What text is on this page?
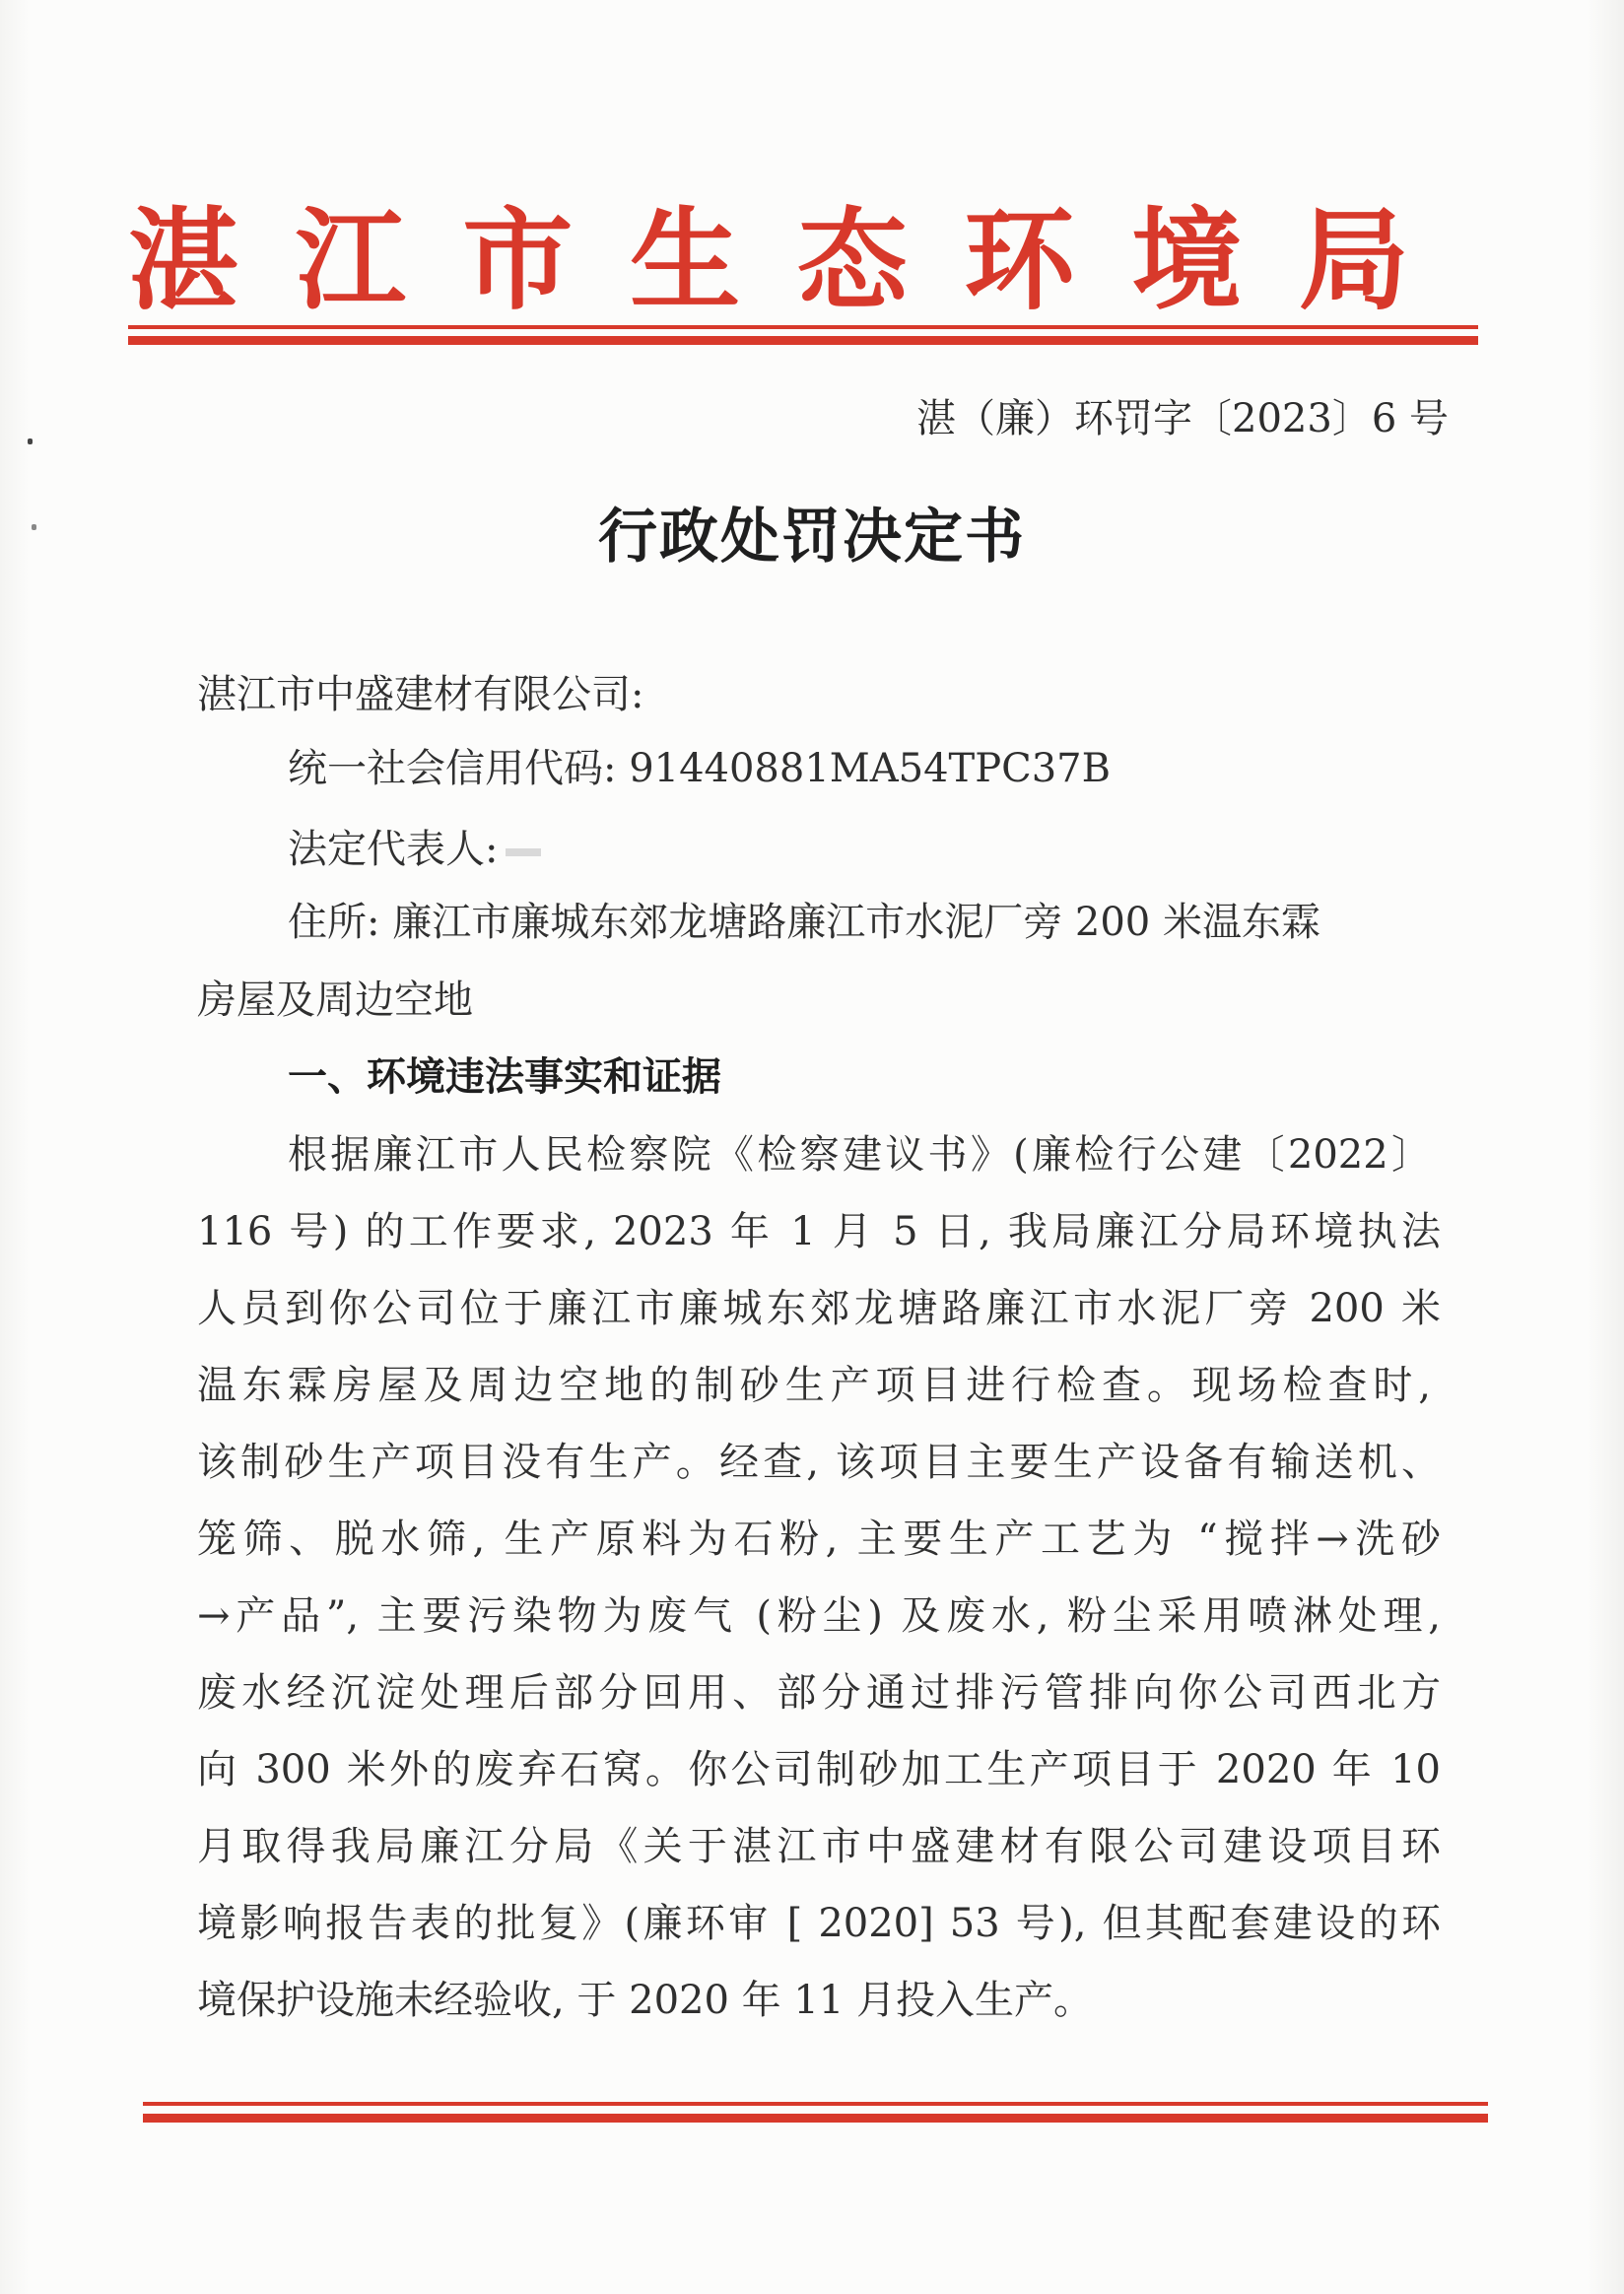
湛 江 市 生 态 环 境 局
湛（廉）环罚字〔2023〕6 号
行政处罚决定书
湛江市中盛建材有限公司:
统一社会信用代码: 91440881MA54TPC37B
法定代表人:
住所: 廉江市廉城东郊龙塘路廉江市水泥厂旁 200 米温东霖
房屋及周边空地
一、环境违法事实和证据
根据廉江市人民检察院《检察建议书》(廉检行公建〔2022〕
116 号) 的工作要求, 2023 年 1 月 5 日, 我局廉江分局环境执法
人员到你公司位于廉江市廉城东郊龙塘路廉江市水泥厂旁 200 米
温东霖房屋及周边空地的制砂生产项目进行检查。现场检查时,
该制砂生产项目没有生产。经查, 该项目主要生产设备有输送机、
笼筛、脱水筛, 生产原料为石粉, 主要生产工艺为 “搅拌→洗砂
→产品”, 主要污染物为废气 (粉尘) 及废水, 粉尘采用喷淋处理,
废水经沉淀处理后部分回用、部分通过排污管排向你公司西北方
向 300 米外的废弃石窝。你公司制砂加工生产项目于 2020 年 10
月取得我局廉江分局《关于湛江市中盛建材有限公司建设项目环
境影响报告表的批复》(廉环审 [ 2020] 53 号), 但其配套建设的环
境保护设施未经验收, 于 2020 年 11 月投入生产。
